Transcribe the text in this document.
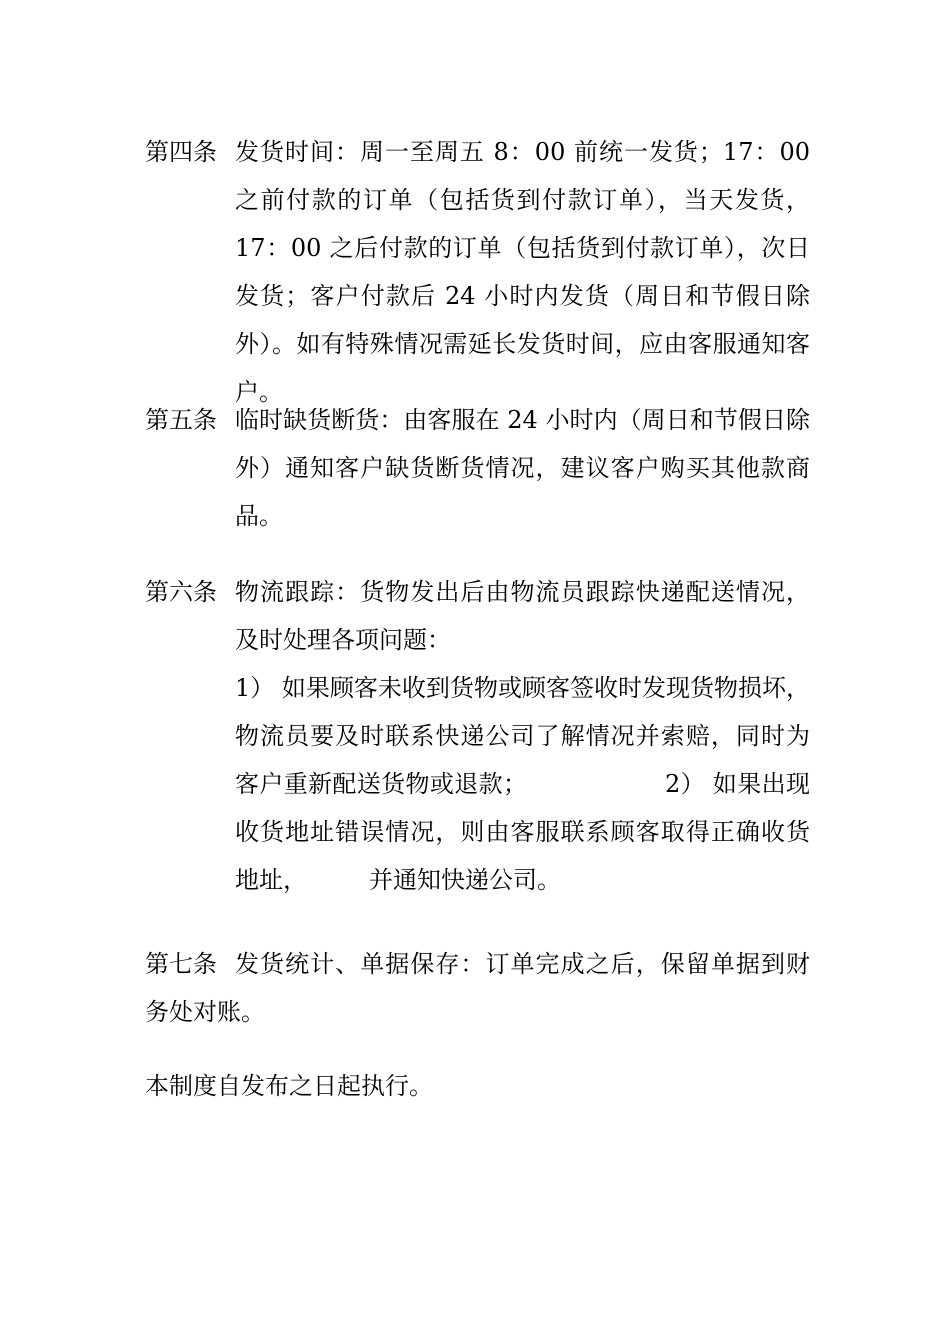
第四条 发货时间：周一至周五 8：00 前统一发货；17：00 之前付款的订单（包括货到付款订单），当天发货，17：00 之后付款的订单（包括货到付款订单），次日发货；客户付款后 24 小时内发货（周日和节假日除外）。如有特殊情况需延长发货时间，应由客服通知客户。
第五条 临时缺货断货：由客服在 24 小时内（周日和节假日除外）通知客户缺货断货情况，建议客户购买其他款商品。
第六条 物流跟踪：货物发出后由物流员跟踪快递配送情况，及时处理各项问题：

1） 如果顾客未收到货物或顾客签收时发现货物损坏，物流员要及时联系快递公司了解情况并索赔，同时为客户重新配送货物或退款；	2） 如果出现收货地址错误情况，则由客服联系顾客取得正确收货地址，	并通知快递公司。

第七条 发货统计、单据保存：订单完成之后，保留单据到财务处对账。
本制度自发布之日起执行。
